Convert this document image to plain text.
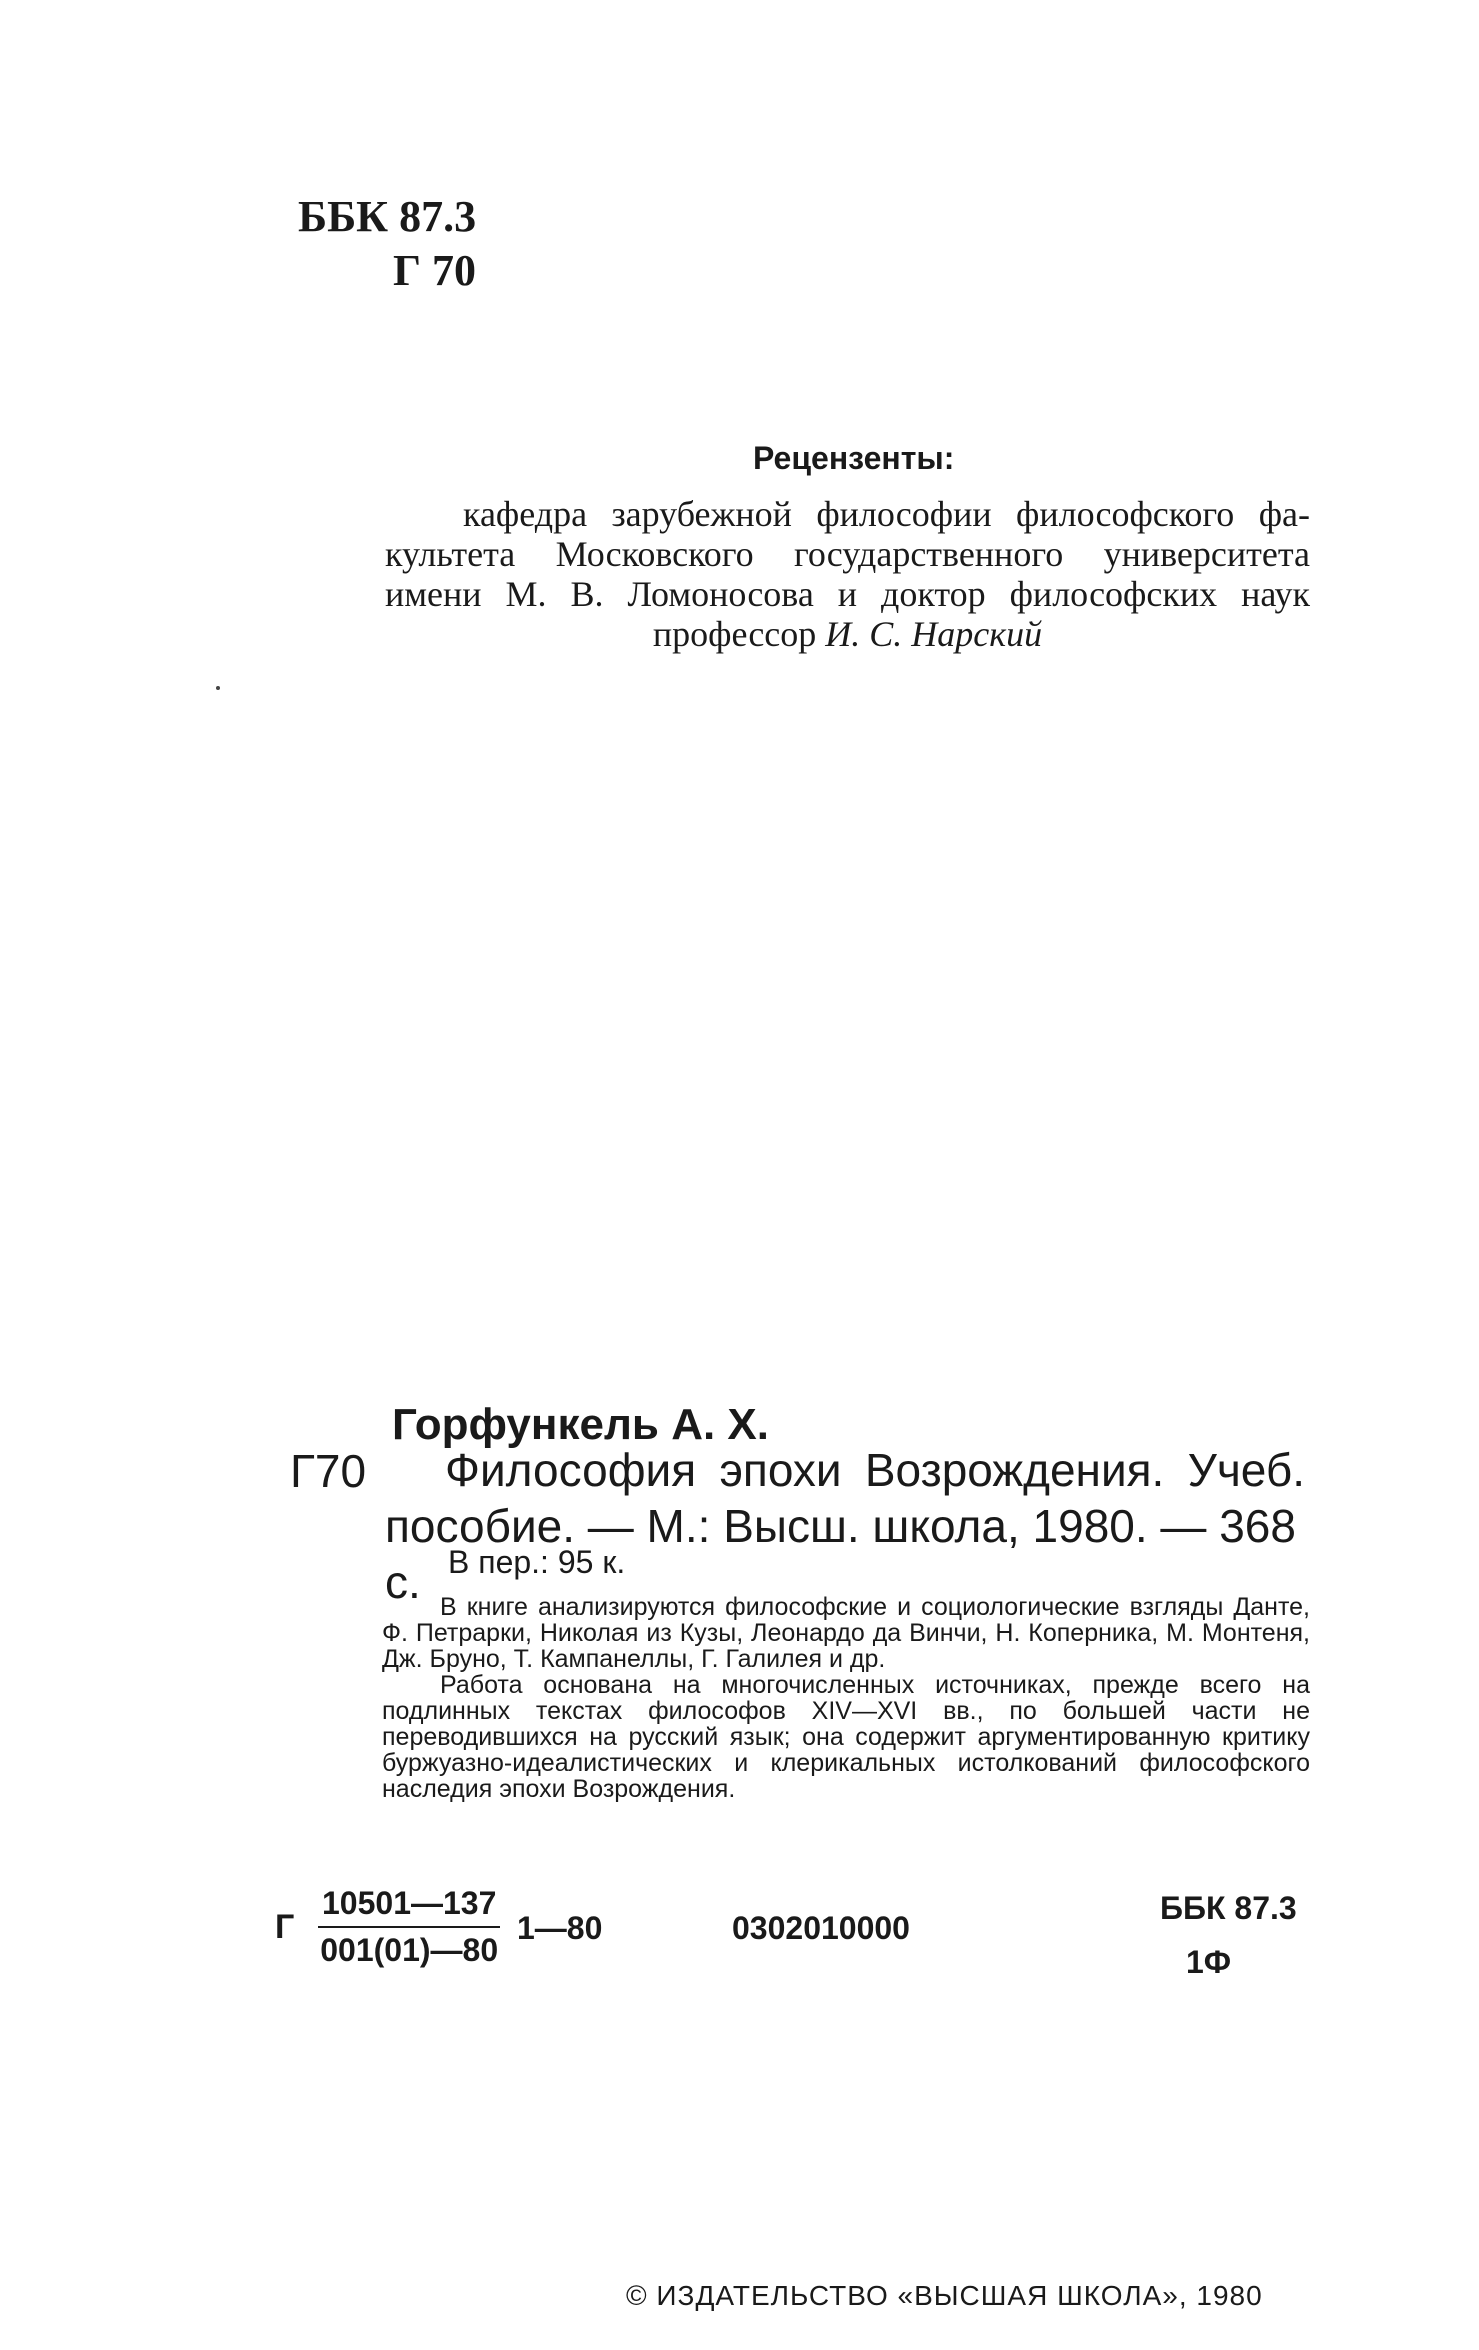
ББК 87.3
Г 70
Рецензенты:
кафедра зарубежной философии философского фа-
культета Московского государственного университета
имени М. В. Ломоносова и доктор философских наук
профессор И. С. Нарский
Горфункель А. Х.
Г70	Философия эпохи Возрождения. Учеб.
пособие. — М.: Высш. школа, 1980. — 368 с. В пер.: 95 к.

В книге анализируются философские и социологические взгляды Данте, Ф. Петрарки, Николая из Кузы, Леонардо да Винчи, Н. Коперника, М. Монтеня, Дж. Бруно, Т. Кампанеллы, Г. Галилея и др.

Работа основана на многочисленных источниках, прежде всего на подлинных текстах философов XIV—XVI вв., по большей части не переводившихся на русский язык; она содержит аргументированную критику буржуазно-идеалистических и клерикальных истолкований философского наследия эпохи Возрождения.

Г $\frac{10501—137}{001(01)—80}$ 1—80	0302010000
ББК 87.3
1Ф
© ИЗДАТЕЛЬСТВО «ВЫСШАЯ ШКОЛА», 1980
